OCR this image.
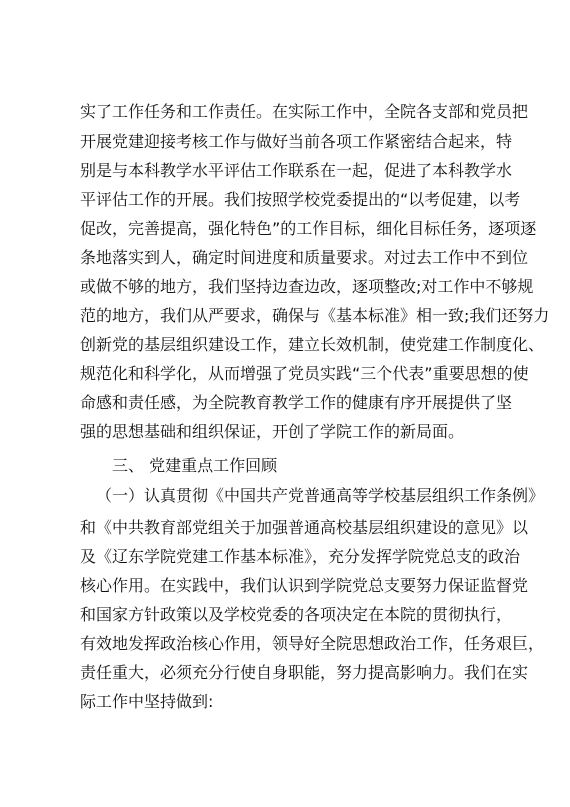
实了工作任务和工作责任。在实际工作中，全院各支部和党员把
开展党建迎接考核工作与做好当前各项工作紧密结合起来，特
别是与本科教学水平评估工作联系在一起，促进了本科教学水
平评估工作的开展。我们按照学校党委提出的“以考促建，以考
促改，完善提高，强化特色”的工作目标，细化目标任务，逐项逐
条地落实到人，确定时间进度和质量要求。对过去工作中不到位
或做不够的地方，我们坚持边查边改，逐项整改;对工作中不够规
范的地方，我们从严要求，确保与《基本标准》相一致;我们还努力
创新党的基层组织建设工作，建立长效机制，使党建工作制度化、
规范化和科学化，从而增强了党员实践“三个代表”重要思想的使
命感和责任感，为全院教育教学工作的健康有序开展提供了坚
强的思想基础和组织保证，开创了学院工作的新局面。
三、 党建重点工作回顾
（一）认真贯彻《中国共产党普通高等学校基层组织工作条例》
和《中共教育部党组关于加强普通高校基层组织建设的意见》以
及《辽东学院党建工作基本标准》，充分发挥学院党总支的政治
核心作用。在实践中，我们认识到学院党总支要努力保证监督党
和国家方针政策以及学校党委的各项决定在本院的贯彻执行，
有效地发挥政治核心作用，领导好全院思想政治工作，任务艰巨，
责任重大，必须充分行使自身职能，努力提高影响力。我们在实
际工作中坚持做到:
